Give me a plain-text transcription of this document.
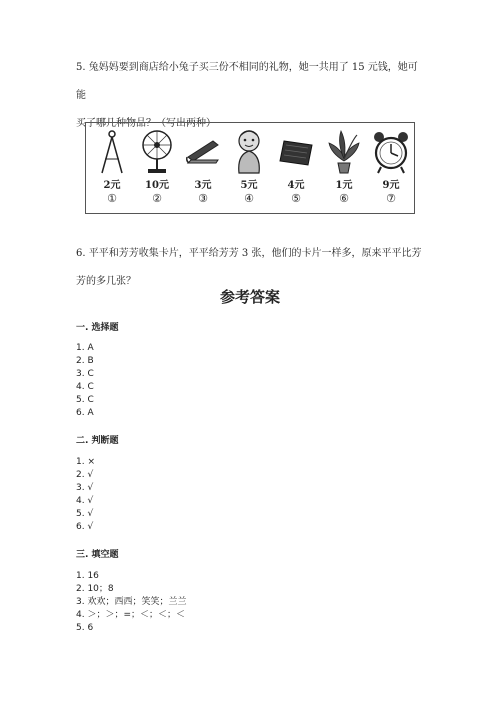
5. 兔妈妈要到商店给小兔子买三份不相同的礼物，她一共用了 15 元钱，她可能
买了哪几种物品？（写出两种）
2元
①
10元
②
3元
③
5元
④
4元
⑤
1元
⑥
9元
⑦
6. 平平和芳芳收集卡片，平平给芳芳 3 张，他们的卡片一样多，原来平平比芳
芳的多几张？
参考答案
一. 选择题
1. A
2. B
3. C
4. C
5. C
6. A
二. 判断题
1. ×
2. √
3. √
4. √
5. √
6. √
三. 填空题
1. 16
2. 10；8
3. 欢欢；西西；笑笑；兰兰
4. ＞；＞；=；＜；＜；＜
5. 6
